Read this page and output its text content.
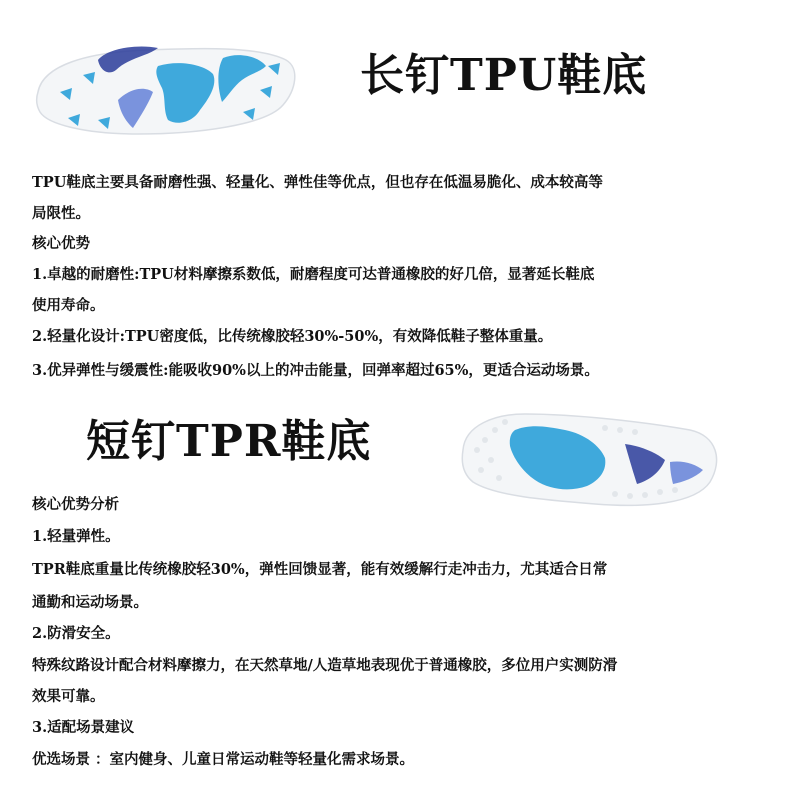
长钉TPU鞋底
TPU鞋底主要具备耐磨性强、轻量化、弹性佳等优点，但也存在低温易脆化、成本较高等
局限性。
核心优势
1.卓越的耐磨性:TPU材料摩擦系数低，耐磨程度可达普通橡胶的好几倍，显著延长鞋底
使用寿命。
2.轻量化设计:TPU密度低，比传统橡胶轻30%-50%，有效降低鞋子整体重量。
3.优异弹性与缓震性:能吸收90%以上的冲击能量，回弹率超过65%，更适合运动场景。
短钉TPR鞋底
核心优势分析
1.轻量弹性。
TPR鞋底重量比传统橡胶轻30%，弹性回馈显著，能有效缓解行走冲击力，尤其适合日常
通勤和运动场景。
2.防滑安全。
特殊纹路设计配合材料摩擦力，在天然草地/人造草地表现优于普通橡胶，多位用户实测防滑
效果可靠。
3.适配场景建议
优选场景 ：室内健身、儿童日常运动鞋等轻量化需求场景。
